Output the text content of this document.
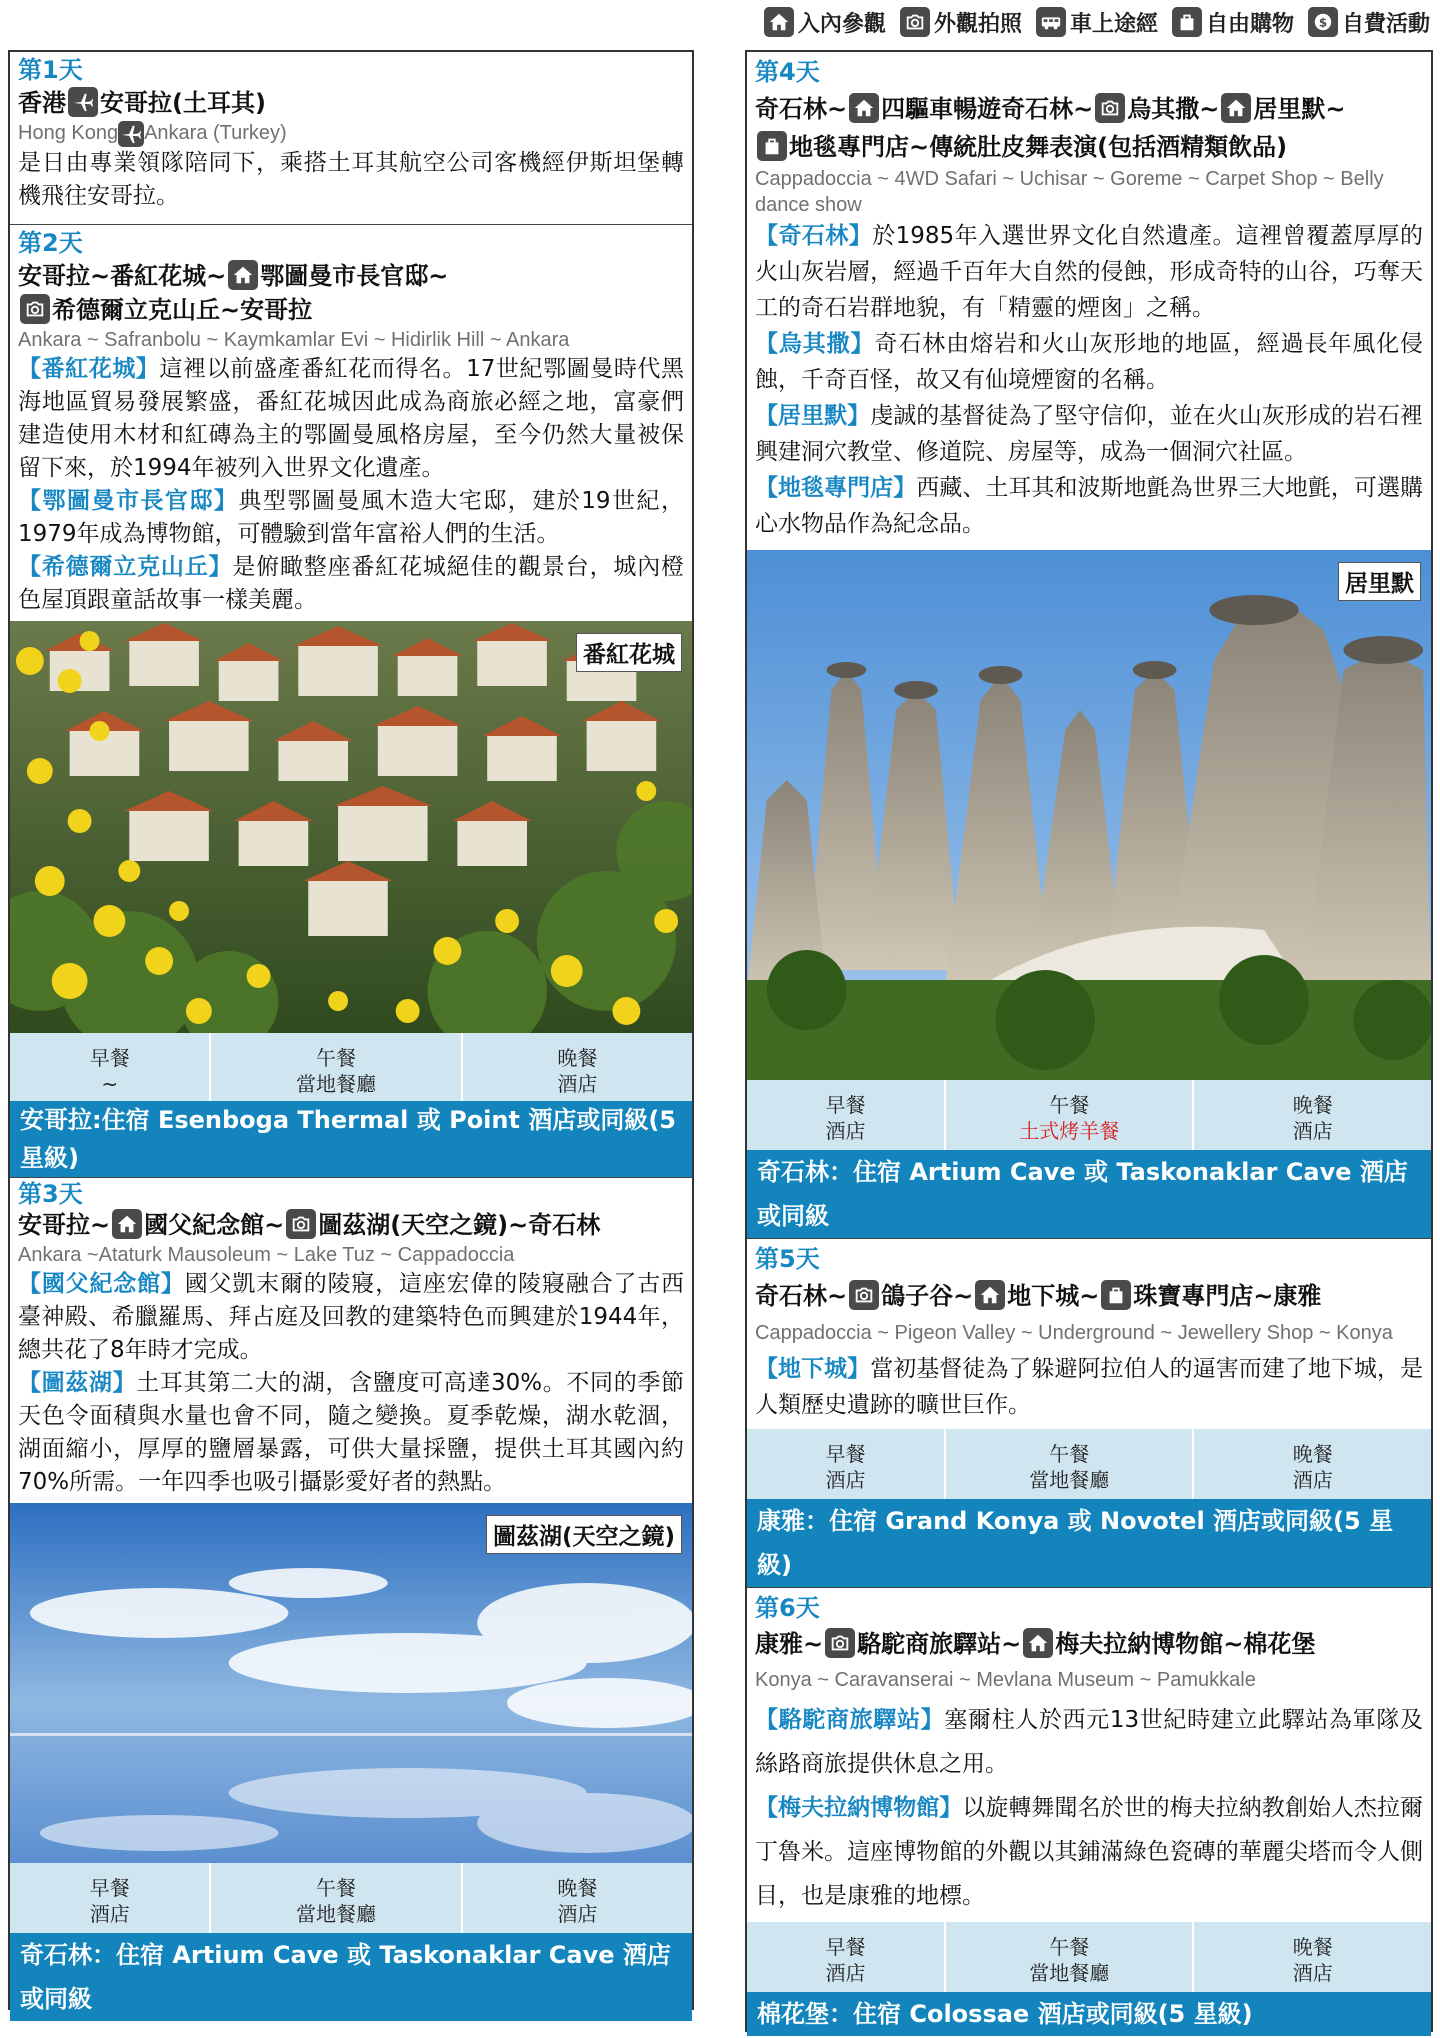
入內參觀 外觀拍照 車上途經 自由購物 自費活動
第1天
香港 安哥拉(土耳其)
Hong Kong Ankara (Turkey)
是日由專業領隊陪同下，乘搭土耳其航空公司客機經伊斯坦堡轉機飛往安哥拉。
第2天
安哥拉~番紅花城~ 鄂圖曼市長官邸~

希德爾立克山丘~安哥拉
Ankara ~ Safranbolu ~ Kaymkamlar Evi ~ Hidirlik Hill ~ Ankara

【番紅花城】這裡以前盛產番紅花而得名。17世紀鄂圖曼時代黑海地區貿易發展繁盛，番紅花城因此成為商旅必經之地，富豪們建造使用木材和紅磚為主的鄂圖曼風格房屋，至今仍然大量被保留下來，於1994年被列入世界文化遺產。

【鄂圖曼市長官邸】典型鄂圖曼風木造大宅邸，建於19世紀，1979年成為博物館，可體驗到當年富裕人們的生活。

【希德爾立克山丘】是俯瞰整座番紅花城絕佳的觀景台，城內橙色屋頂跟童話故事一樣美麗。

番紅花城
早餐
~
午餐
當地餐廳
晚餐
酒店
安哥拉:住宿 Esenboga Thermal 或 Point 酒店或同級(5 星級)
第3天
安哥拉~ 國父紀念館~ 圖茲湖(天空之鏡)~奇石林
Ankara ~Ataturk Mausoleum ~ Lake Tuz ~ Cappadoccia

【國父紀念館】國父凱末爾的陵寢，這座宏偉的陵寢融合了古西臺神殿、希臘羅馬、拜占庭及回教的建築特色而興建於1944年，總共花了8年時才完成。

【圖茲湖】土耳其第二大的湖，含鹽度可高達30%。不同的季節天色令面積與水量也會不同，隨之變換。夏季乾燥，湖水乾涸，湖面縮小，厚厚的鹽層暴露，可供大量採鹽，提供土耳其國內約70%所需。一年四季也吸引攝影愛好者的熱點。

圖茲湖(天空之鏡)
早餐
酒店
午餐
當地餐廳
晚餐
酒店
奇石林：住宿 Artium Cave 或 Taskonaklar Cave 酒店或同級
第4天
奇石林~ 四驅車暢遊奇石林~ 烏其撒~ 居里默~

地毯專門店~傳統肚皮舞表演(包括酒精類飲品)
Cappadoccia ~ 4WD Safari ~ Uchisar ~ Goreme ~ Carpet Shop ~ Belly dance show

【奇石林】於1985年入選世界文化自然遺產。這裡曾覆蓋厚厚的火山灰岩層，經過千百年大自然的侵蝕，形成奇特的山谷，巧奪天工的奇石岩群地貌，有「精靈的煙囪」之稱。

【烏其撒】奇石林由熔岩和火山灰形地的地區，經過長年風化侵蝕，千奇百怪，故又有仙境煙窗的名稱。

【居里默】虔誠的基督徒為了堅守信仰，並在火山灰形成的岩石裡興建洞穴教堂、修道院、房屋等，成為一個洞穴社區。

【地毯專門店】西藏、土耳其和波斯地氈為世界三大地氈，可選購心水物品作為紀念品。

居里默
早餐
酒店
午餐
土式烤羊餐
晚餐
酒店
奇石林：住宿 Artium Cave 或 Taskonaklar Cave 酒店或同級
第5天
奇石林~ 鴿子谷~ 地下城~ 珠寶專門店~康雅
Cappadoccia ~ Pigeon Valley ~ Underground ~ Jewellery Shop ~ Konya

【地下城】當初基督徒為了躲避阿拉伯人的逼害而建了地下城，是人類歷史遺跡的曠世巨作。

早餐
酒店
午餐
當地餐廳
晚餐
酒店
康雅：住宿 Grand Konya 或 Novotel 酒店或同級(5 星級)
第6天
康雅~ 駱駝商旅驛站~ 梅夫拉納博物館~棉花堡
Konya ~ Caravanserai ~ Mevlana Museum ~ Pamukkale

【駱駝商旅驛站】塞爾柱人於西元13世紀時建立此驛站為軍隊及絲路商旅提供休息之用。

【梅夫拉納博物館】以旋轉舞聞名於世的梅夫拉納教創始人杰拉爾丁魯米。這座博物館的外觀以其鋪滿綠色瓷磚的華麗尖塔而令人側目，也是康雅的地標。

早餐
酒店
午餐
當地餐廳
晚餐
酒店
棉花堡：住宿 Colossae 酒店或同級(5 星級)
